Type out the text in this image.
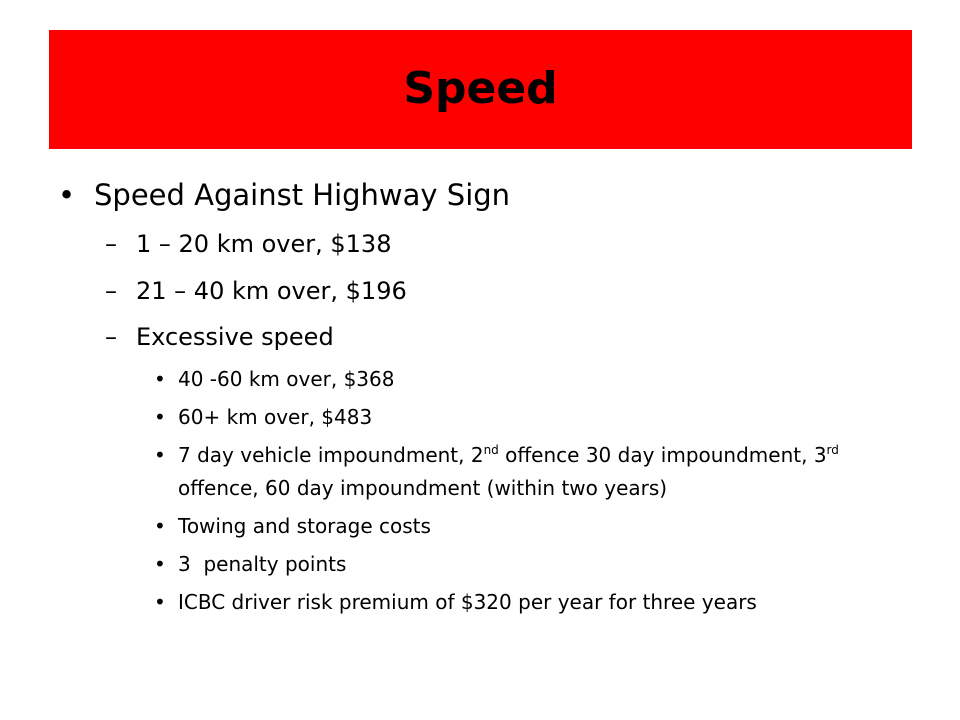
Speed
• Speed Against Highway Sign
– 1 – 20 km over, $138
– 21 – 40 km over, $196
– Excessive speed
• 40 -60 km over, $368
• 60+ km over, $483
• 7 day vehicle impoundment, 2nd offence 30 day impoundment, 3rd
offence, 60 day impoundment (within two years)
• Towing and storage costs
• 3  penalty points
• ICBC driver risk premium of $320 per year for three years
